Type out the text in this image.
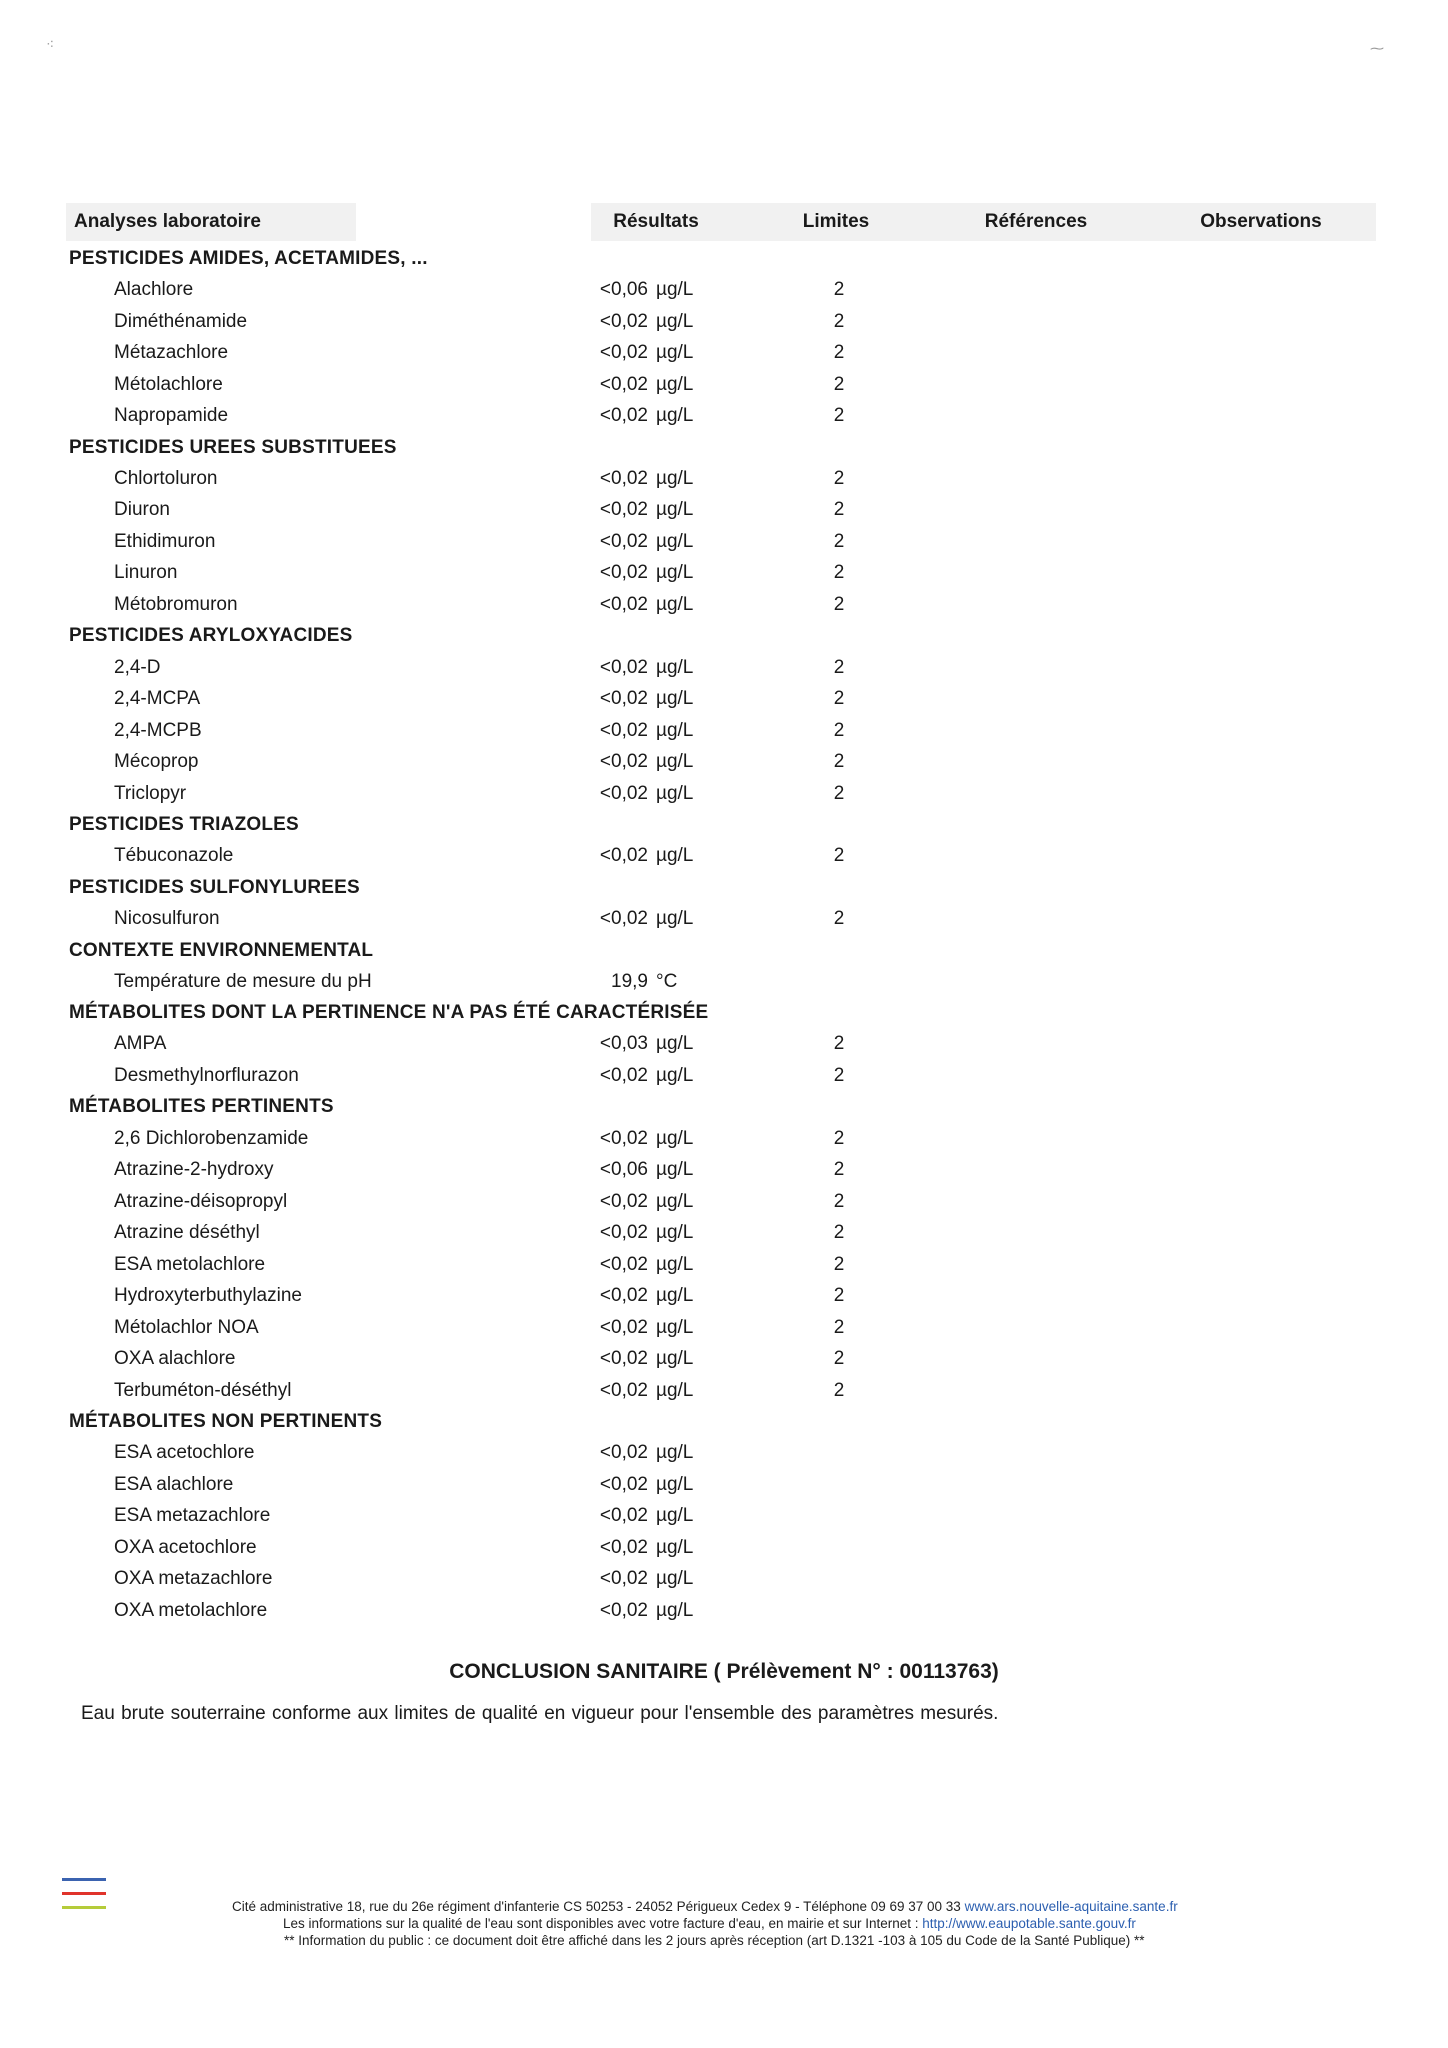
⁖	⁓
Analyses laboratoire	Résultats	Limites	Références	Observations
PESTICIDES AMIDES, ACETAMIDES, ...
Alachlore	<0,06 µg/L	2
Diméthénamide	<0,02 µg/L	2
Métazachlore	<0,02 µg/L	2
Métolachlore	<0,02 µg/L	2
Napropamide	<0,02 µg/L	2
PESTICIDES UREES SUBSTITUEES
Chlortoluron	<0,02 µg/L	2
Diuron	<0,02 µg/L	2
Ethidimuron	<0,02 µg/L	2
Linuron	<0,02 µg/L	2
Métobromuron	<0,02 µg/L	2
PESTICIDES ARYLOXYACIDES
2,4-D	<0,02 µg/L	2
2,4-MCPA	<0,02 µg/L	2
2,4-MCPB	<0,02 µg/L	2
Mécoprop	<0,02 µg/L	2
Triclopyr	<0,02 µg/L	2
PESTICIDES TRIAZOLES
Tébuconazole	<0,02 µg/L	2
PESTICIDES SULFONYLUREES
Nicosulfuron	<0,02 µg/L	2
CONTEXTE ENVIRONNEMENTAL
Température de mesure du pH	19,9 °C
MÉTABOLITES DONT LA PERTINENCE N'A PAS ÉTÉ CARACTÉRISÉE
AMPA	<0,03 µg/L	2
Desmethylnorflurazon	<0,02 µg/L	2
MÉTABOLITES PERTINENTS
2,6 Dichlorobenzamide	<0,02 µg/L	2
Atrazine-2-hydroxy	<0,06 µg/L	2
Atrazine-déisopropyl	<0,02 µg/L	2
Atrazine déséthyl	<0,02 µg/L	2
ESA metolachlore	<0,02 µg/L	2
Hydroxyterbuthylazine	<0,02 µg/L	2
Métolachlor NOA	<0,02 µg/L	2
OXA alachlore	<0,02 µg/L	2
Terbuméton-déséthyl	<0,02 µg/L	2
MÉTABOLITES NON PERTINENTS
ESA acetochlore	<0,02 µg/L
ESA alachlore	<0,02 µg/L
ESA metazachlore	<0,02 µg/L
OXA acetochlore	<0,02 µg/L
OXA metazachlore	<0,02 µg/L
OXA metolachlore	<0,02 µg/L
CONCLUSION SANITAIRE ( Prélèvement N° : 00113763)
Eau brute souterraine conforme aux limites de qualité en vigueur pour l'ensemble des paramètres mesurés.
Cité administrative 18, rue du 26e régiment d'infanterie CS 50253 - 24052 Périgueux Cedex 9 - Téléphone 09 69 37 00 33 www.ars.nouvelle-aquitaine.sante.fr
Les informations sur la qualité de l'eau sont disponibles avec votre facture d'eau, en mairie et sur Internet : http://www.eaupotable.sante.gouv.fr
** Information du public : ce document doit être affiché dans les 2 jours après réception (art D.1321 -103 à 105 du Code de la Santé Publique) **
